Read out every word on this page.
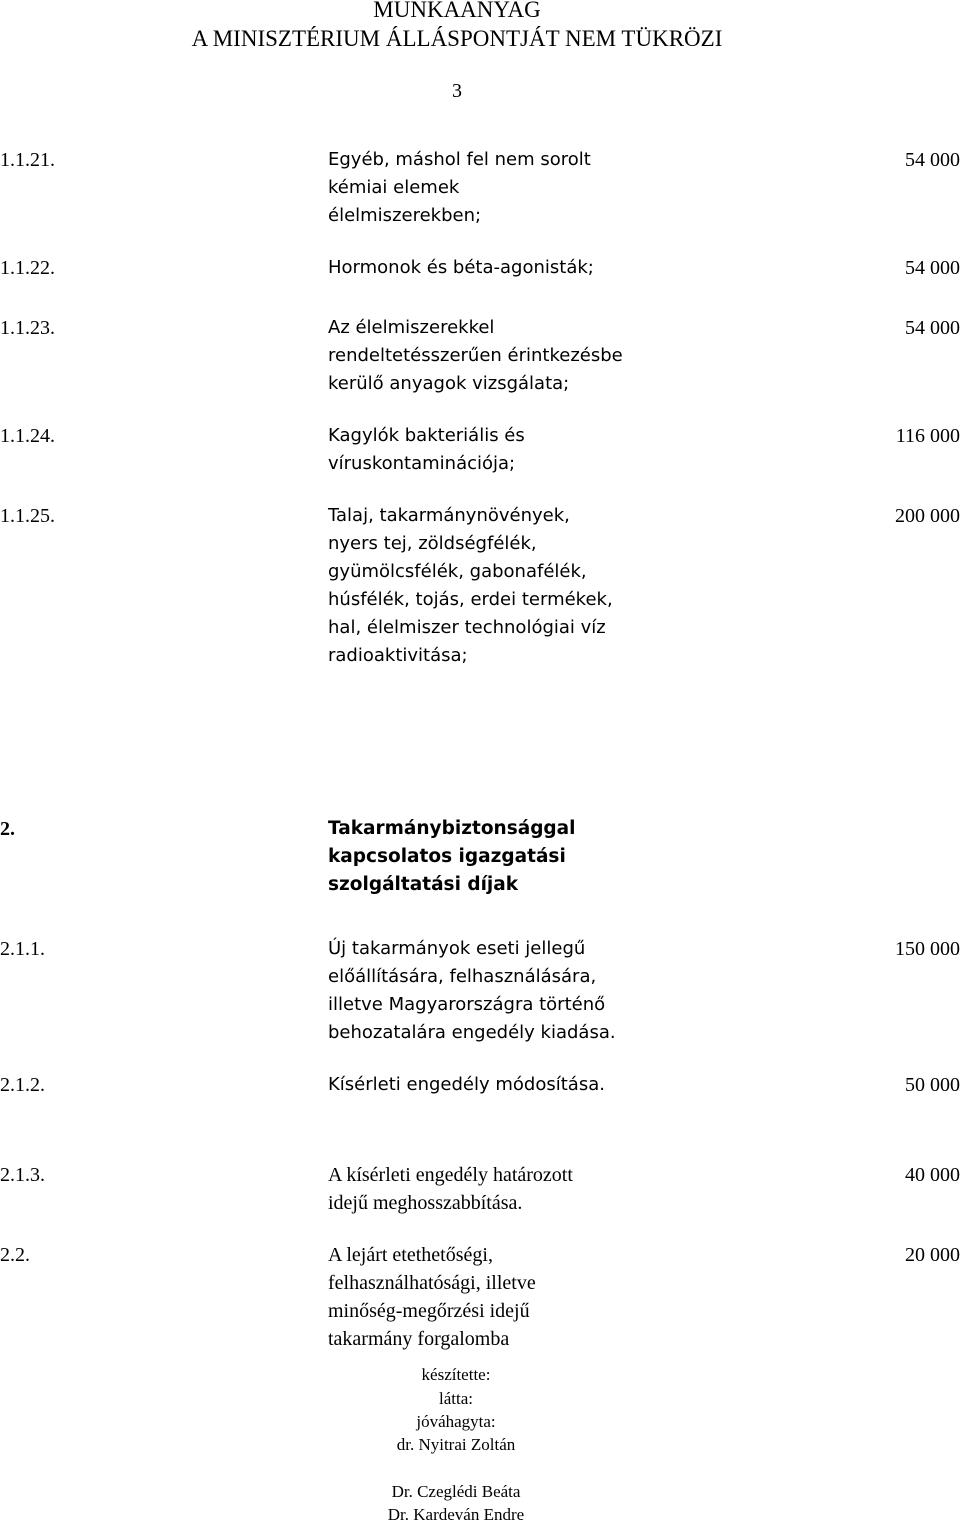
MUNKAANYAG
A MINISZTÉRIUM ÁLLÁSPONTJÁT NEM TÜKRÖZI
3
1.1.21.	Egyéb, máshol fel nem sorolt
kémiai elemek
élelmiszerekben;
54 000
1.1.22.	Hormonok és béta-agonisták;	54 000
1.1.23.	Az élelmiszerekkel
rendeltetésszerűen érintkezésbe
kerülő anyagok vizsgálata;
54 000
1.1.24.	Kagylók bakteriális és
víruskontaminációja;
116 000
1.1.25.	Talaj, takarmánynövények,
nyers tej, zöldségfélék,
gyümölcsfélék, gabonafélék,
húsfélék, tojás, erdei termékek,
hal, élelmiszer technológiai víz
radioaktivitása;
200 000
2.	Takarmánybiztonsággal
kapcsolatos igazgatási
szolgáltatási díjak
2.1.1.	Új takarmányok eseti jellegű
előállítására, felhasználására,
illetve Magyarországra történő
behozatalára engedély kiadása.
150 000
2.1.2.	Kísérleti engedély módosítása.	50 000
2.1.3.	A kísérleti engedély határozott
idejű meghosszabbítása.
40 000
2.2.	A lejárt etethetőségi,
felhasználhatósági, illetve
minőség-megőrzési idejű
takarmány forgalomba
20 000
készítette:
látta:
jóváhagyta:
dr. Nyitrai Zoltán
Dr. Czeglédi Beáta
Dr. Kardeván Endre
